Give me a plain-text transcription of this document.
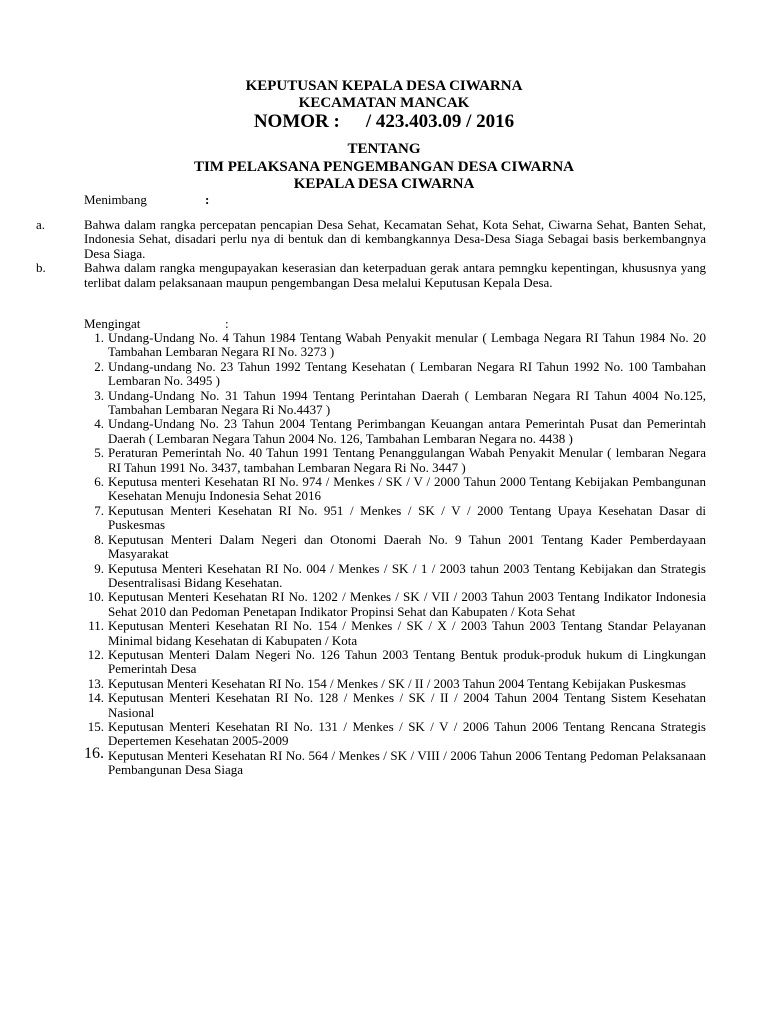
KEPUTUSAN KEPALA DESA CIWARNA
KECAMATAN MANCAK
NOMOR : / 423.403.09 / 2016
TENTANG
TIM PELAKSANA PENGEMBANGAN DESA CIWARNA
KEPALA DESA CIWARNA
Menimbang	:
a.	Bahwa dalam rangka percepatan pencapian Desa Sehat, Kecamatan Sehat, Kota Sehat, Ciwarna Sehat, Banten Sehat, Indonesia Sehat, disadari perlu nya di bentuk dan di kembangkannya Desa-Desa Siaga Sebagai basis berkembangnya Desa Siaga.
b.	Bahwa dalam rangka mengupayakan keserasian dan keterpaduan gerak antara pemngku kepentingan, khususnya yang terlibat dalam pelaksanaan maupun pengembangan Desa melalui Keputusan Kepala Desa.
Mengingat	:
1. Undang-Undang No. 4 Tahun 1984 Tentang Wabah Penyakit menular ( Lembaga Negara RI Tahun 1984 No. 20 Tambahan Lembaran Negara RI No. 3273 )
2. Undang-undang No. 23 Tahun 1992 Tentang Kesehatan ( Lembaran Negara RI Tahun 1992 No. 100 Tambahan Lembaran No. 3495 )
3. Undang-Undang No. 31 Tahun 1994 Tentang Perintahan Daerah ( Lembaran Negara RI Tahun 4004 No.125, Tambahan Lembaran Negara Ri No.4437 )
4. Undang-Undang No. 23 Tahun 2004 Tentang Perimbangan Keuangan antara Pemerintah Pusat dan Pemerintah Daerah ( Lembaran Negara Tahun 2004 No. 126, Tambahan Lembaran Negara no. 4438 )
5. Peraturan Pemerintah No. 40 Tahun 1991 Tentang Penanggulangan Wabah Penyakit Menular ( lembaran Negara RI Tahun 1991 No. 3437, tambahan Lembaran Negara Ri No. 3447 )
6. Keputusa menteri Kesehatan RI No. 974 / Menkes / SK / V / 2000 Tahun 2000 Tentang Kebijakan Pembangunan Kesehatan Menuju Indonesia Sehat 2016
7. Keputusan Menteri Kesehatan RI No. 951 / Menkes / SK / V / 2000 Tentang Upaya Kesehatan Dasar di Puskesmas
8. Keputusan Menteri Dalam Negeri dan Otonomi Daerah No. 9 Tahun 2001 Tentang Kader Pemberdayaan Masyarakat
9. Keputusa Menteri Kesehatan RI No. 004 / Menkes / SK / 1 / 2003 tahun 2003 Tentang Kebijakan dan Strategis Desentralisasi Bidang Kesehatan.
10. Keputusan Menteri Kesehatan RI No. 1202 / Menkes / SK / VII / 2003 Tahun 2003 Tentang Indikator Indonesia Sehat 2010 dan Pedoman Penetapan Indikator Propinsi Sehat dan Kabupaten / Kota Sehat
11. Keputusan Menteri Kesehatan RI No. 154 / Menkes / SK / X / 2003 Tahun 2003 Tentang Standar Pelayanan Minimal bidang Kesehatan di Kabupaten / Kota
12. Keputusan Menteri Dalam Negeri No. 126 Tahun 2003 Tentang Bentuk produk-produk hukum di Lingkungan Pemerintah Desa
13. Keputusan Menteri Kesehatan RI No. 154 / Menkes / SK / II / 2003 Tahun 2004 Tentang Kebijakan Puskesmas
14. Keputusan Menteri Kesehatan RI No. 128 / Menkes / SK / II / 2004 Tahun 2004 Tentang Sistem Kesehatan Nasional
15. Keputusan Menteri Kesehatan RI No. 131 / Menkes / SK / V / 2006 Tahun 2006 Tentang Rencana Strategis Depertemen Kesehatan 2005-2009
16. Keputusan Menteri Kesehatan RI No. 564 / Menkes / SK / VIII / 2006 Tahun 2006 Tentang Pedoman Pelaksanaan Pembangunan Desa Siaga
